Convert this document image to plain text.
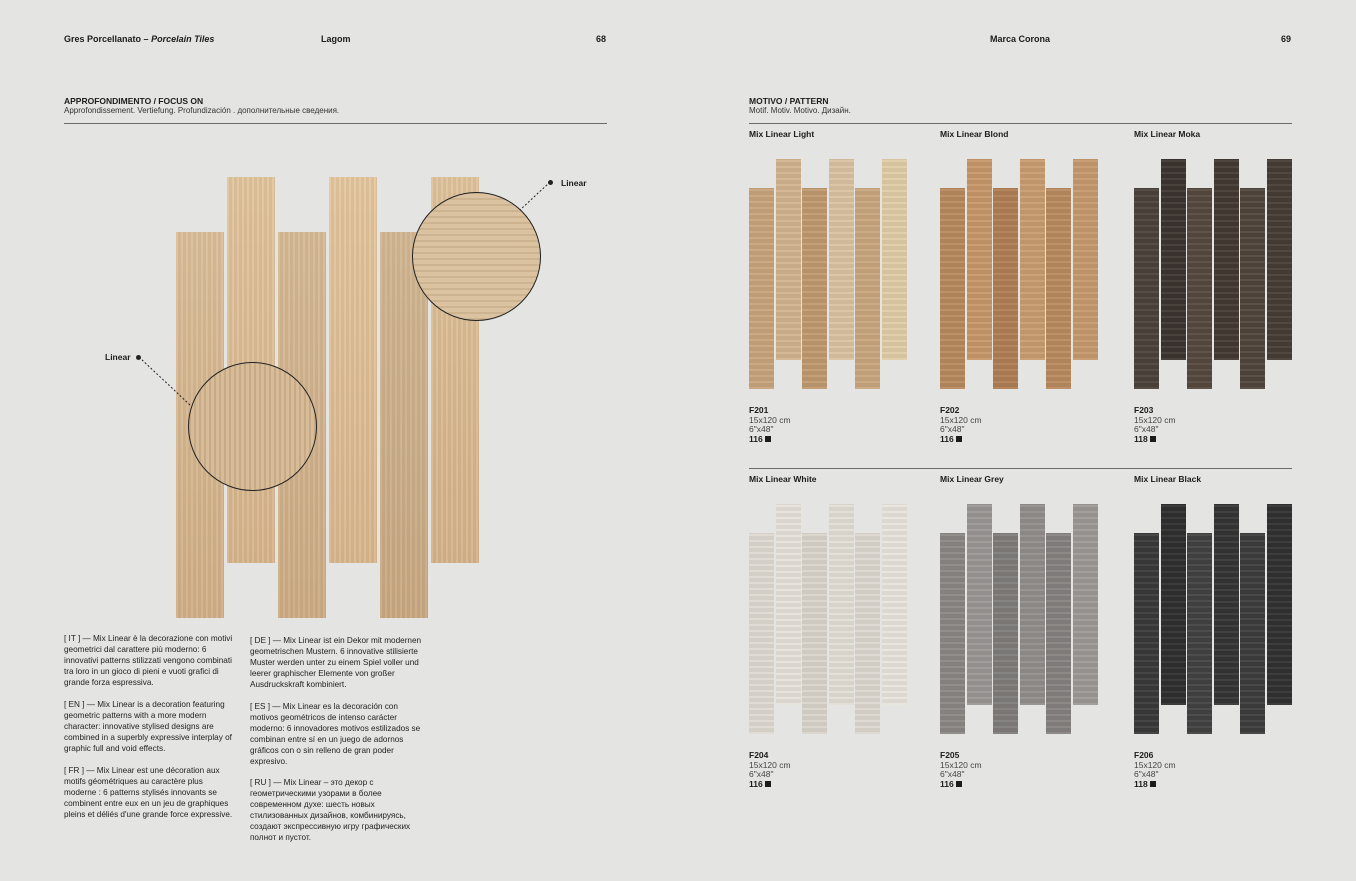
Gres Porcellanato – Porcelain Tiles	Lagom	68
APPROFONDIMENTO / FOCUS ON
Approfondissement. Vertiefung. Profundización . дополнительные сведения.
Linear
Linear
[ IT ] — Mix Linear è la decorazione con motivi geometrici dal carattere più moderno: 6 innovativi patterns stilizzati vengono combinati tra loro in un gioco di pieni e vuoti grafici di grande forza espressiva.
[ EN ] — Mix Linear is a decoration featuring geometric patterns with a more modern character: innovative stylised designs are combined in a superbly expressive interplay of graphic full and void effects.
[ FR ] — Mix Linear est une décoration aux motifs géométriques au caractère plus moderne : 6 patterns stylisés innovants se combinent entre eux en un jeu de graphiques pleins et déliés d'une grande force expressive.
[ DE ] — Mix Linear ist ein Dekor mit modernen geometrischen Mustern. 6 innovative stilisierte Muster werden unter zu einem Spiel voller und leerer graphischer Elemente von großer Ausdruckskraft kombiniert.
[ ES ] — Mix Linear es la decoración con motivos geométricos de intenso carácter moderno: 6 innovadores motivos estilizados se combinan entre sí en un juego de adornos gráficos con o sin relleno de gran poder expresivo.
[ RU ] — Mix Linear – это декор с геометрическими узорами в более современном духе: шесть новых стилизованных дизайнов, комбинируясь, создают экспрессивную игру графических полнот и пустот.
Marca Corona	69
MOTIVO / PATTERN
Motif. Motiv. Motivo. Дизайн.
Mix Linear Light
F201
15x120 cm
6"x48"
116
Mix Linear Blond
F202
15x120 cm
6"x48"
116
Mix Linear Moka
F203
15x120 cm
6"x48"
118
Mix Linear White
F204
15x120 cm
6"x48"
116
Mix Linear Grey
F205
15x120 cm
6"x48"
116
Mix Linear Black
F206
15x120 cm
6"x48"
118
